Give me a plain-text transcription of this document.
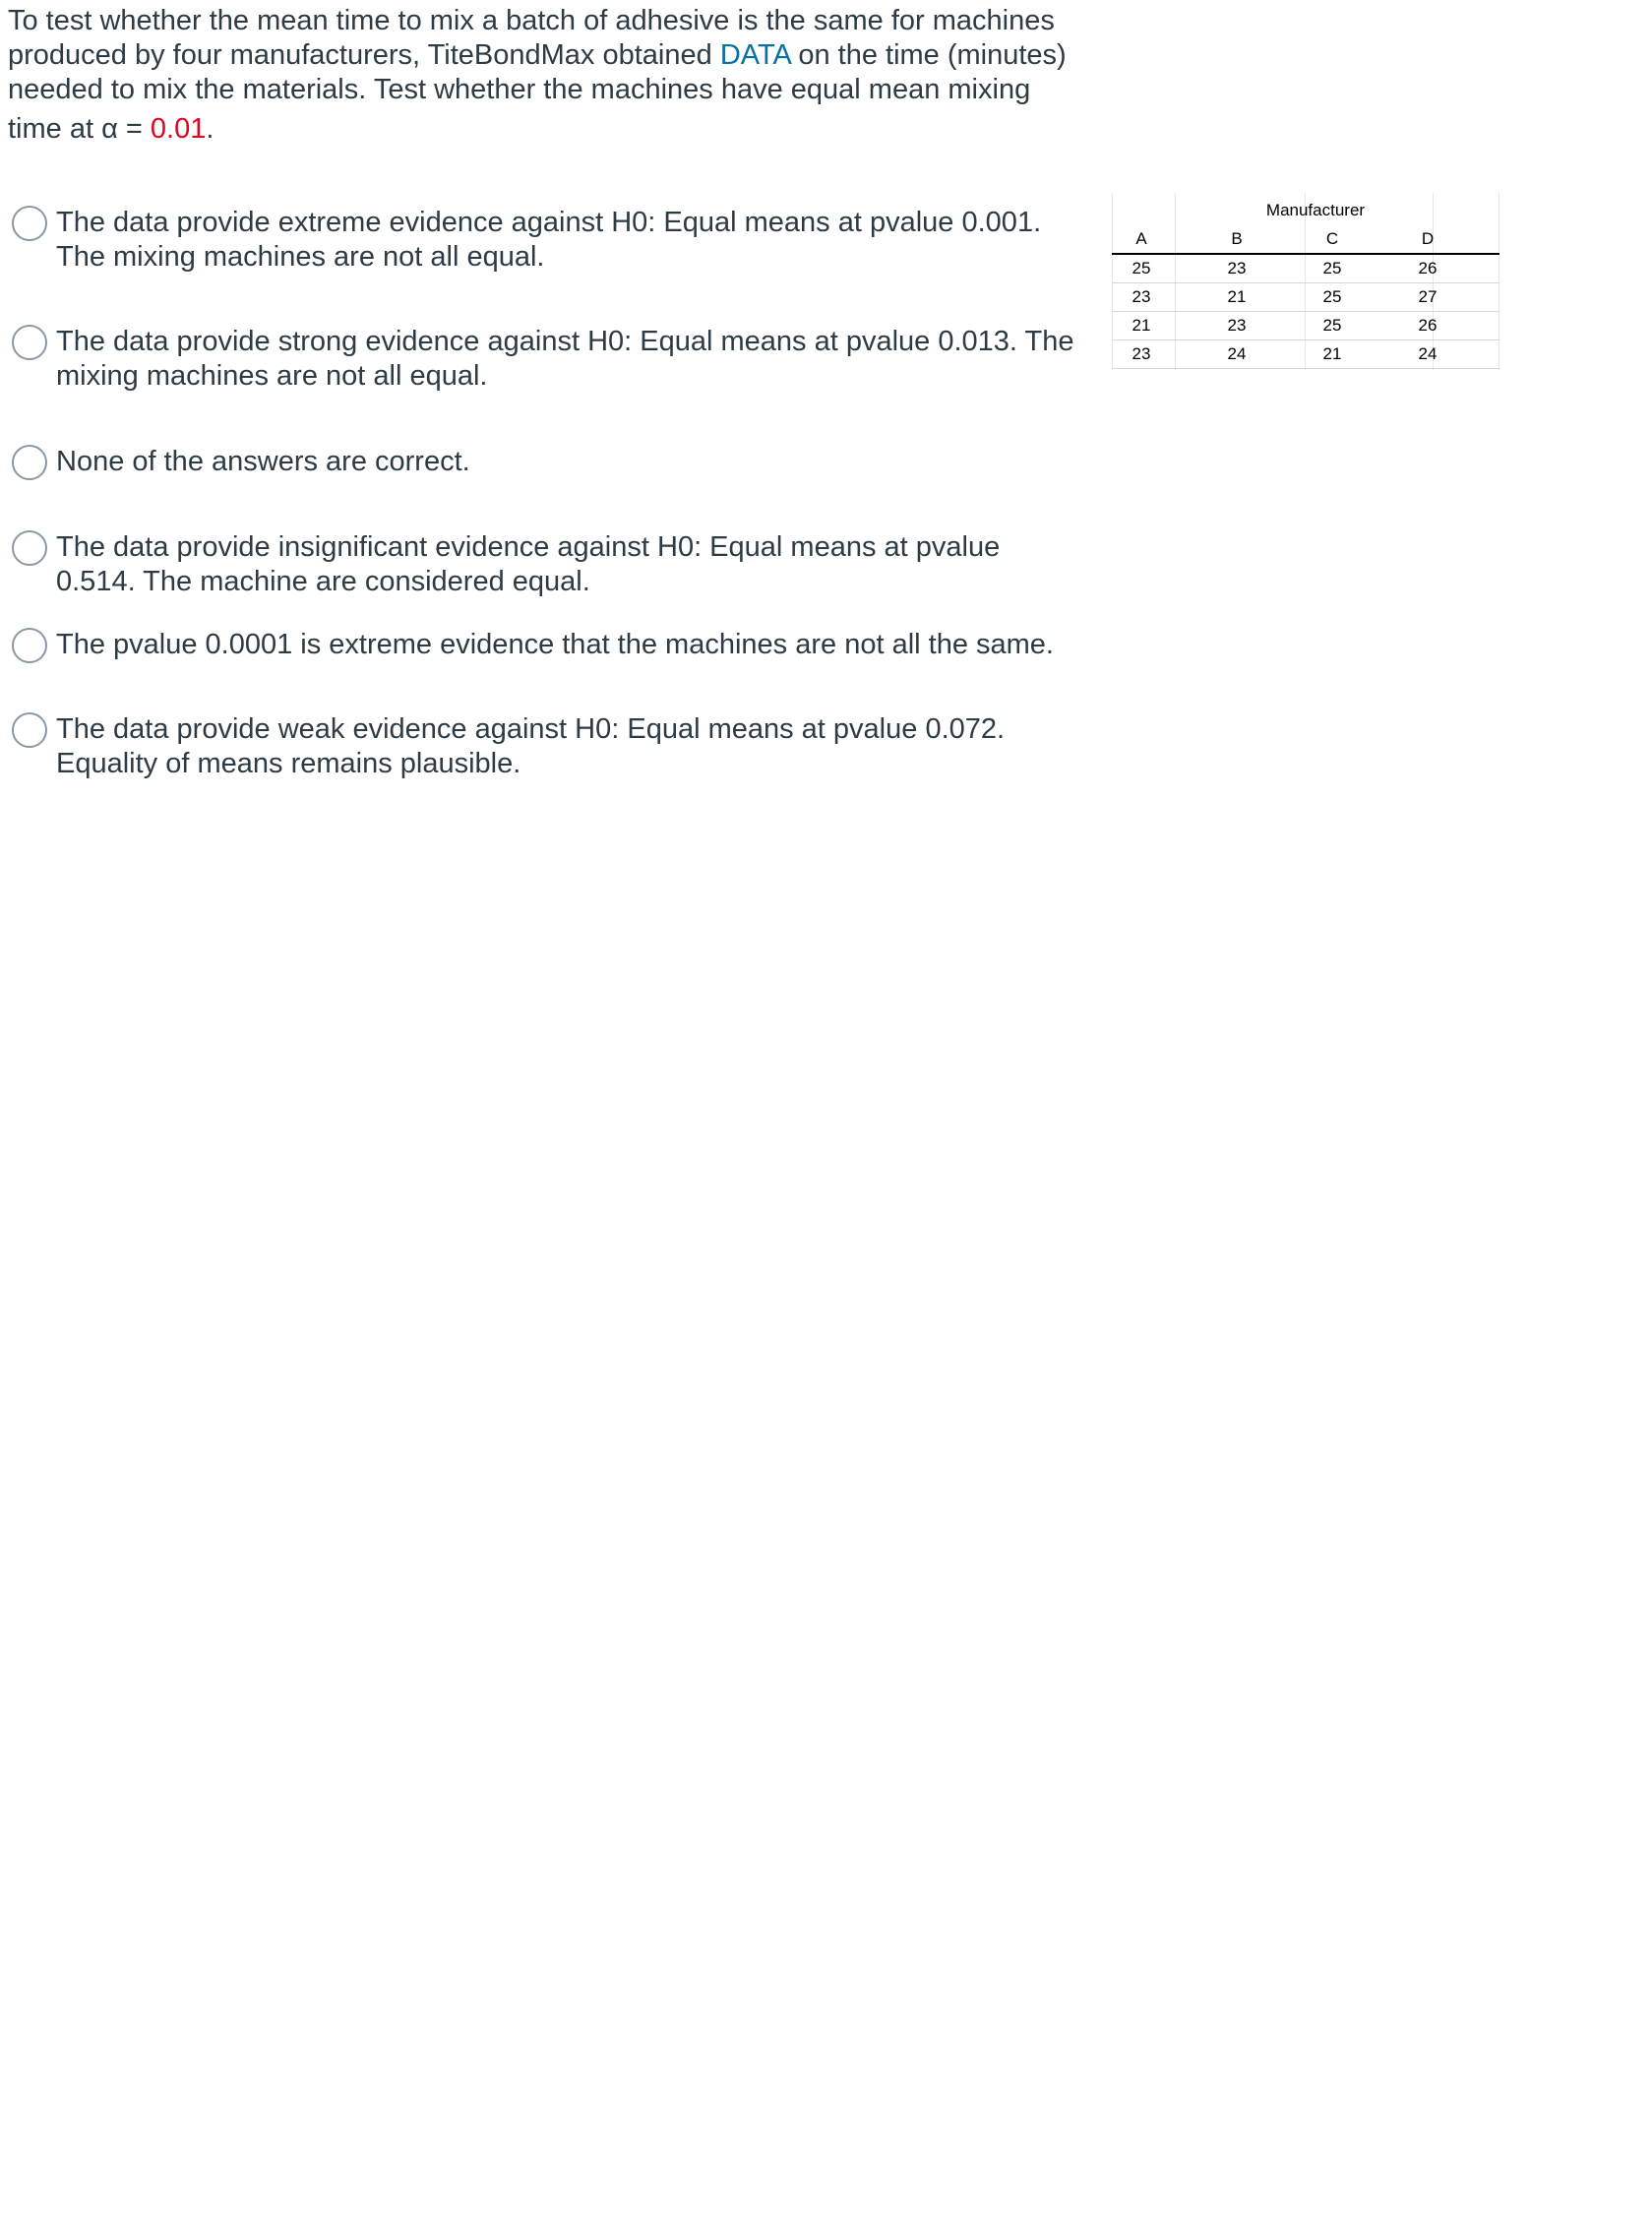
To test whether the mean time to mix a batch of adhesive is the same for machines produced by four manufacturers, TiteBondMax obtained DATA on the time (minutes) needed to mix the materials. Test whether the machines have equal mean mixing
time at α = 0.01.
The data provide extreme evidence against H0: Equal means at pvalue 0.001. The mixing machines are not all equal.
The data provide strong evidence against H0: Equal means at pvalue 0.013. The mixing machines are not all equal.
None of the answers are correct.
The data provide insignificant evidence against H0: Equal means at pvalue 0.514. The machine are considered equal.
The pvalue 0.0001 is extreme evidence that the machines are not all the same.
The data provide weak evidence against H0: Equal means at pvalue 0.072. Equality of means remains plausible.
Manufacturer
A	B	C	D
25	23	25	26
23	21	25	27
21	23	25	26
23	24	21	24
